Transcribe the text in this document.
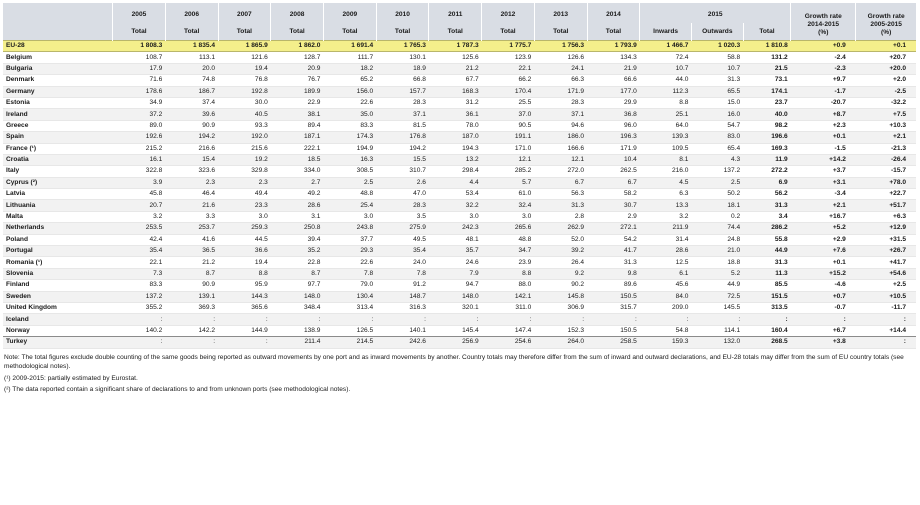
	2005	2006	2007	2008	2009	2010	2011	2012	2013	2014	2015			Growth rate
2014-2015
(%)	Growth rate
2005-2015
(%)
	Total	Total	Total	Total	Total	Total	Total	Total	Total	Total	Inwards	Outwards	Total		
EU-28	1 808.3	1 835.4	1 865.9	1 862.0	1 691.4	1 765.3	1 787.3	1 775.7	1 756.3	1 793.9	1 466.7	1 020.3	1 810.8	+0.9	+0.1
Belgium	108.7	113.1	121.6	128.7	111.7	130.1	125.6	123.9	126.6	134.3	72.4	58.8	131.2	-2.4	+20.7
Bulgaria	17.9	20.0	19.4	20.9	18.2	18.9	21.2	22.1	24.1	21.9	10.7	10.7	21.5	-2.3	+20.0
Denmark	71.6	74.8	76.8	76.7	65.2	66.8	67.7	66.2	66.3	66.6	44.0	31.3	73.1	+9.7	+2.0
Germany	178.6	186.7	192.8	189.9	156.0	157.7	168.3	170.4	171.9	177.0	112.3	65.5	174.1	-1.7	-2.5
Estonia	34.9	37.4	30.0	22.9	22.6	28.3	31.2	25.5	28.3	29.9	8.8	15.0	23.7	-20.7	-32.2
Ireland	37.2	39.6	40.5	38.1	35.0	37.1	36.1	37.0	37.1	36.8	25.1	16.0	40.0	+8.7	+7.5
Greece	89.0	90.9	93.3	89.4	83.3	81.5	78.0	90.5	94.6	96.0	64.0	54.7	98.2	+2.3	+10.3
Spain	192.6	194.2	192.0	187.1	174.3	176.8	187.0	191.1	186.0	196.3	139.3	83.0	196.6	+0.1	+2.1
France (¹)	215.2	216.6	215.6	222.1	194.9	194.2	194.3	171.0	166.6	171.9	109.5	65.4	169.3	-1.5	-21.3
Croatia	16.1	15.4	19.2	18.5	16.3	15.5	13.2	12.1	12.1	10.4	8.1	4.3	11.9	+14.2	-26.4
Italy	322.8	323.6	329.8	334.0	308.5	310.7	298.4	285.2	272.0	262.5	216.0	137.2	272.2	+3.7	-15.7
Cyprus (²)	3.9	2.3	2.3	2.7	2.5	2.6	4.4	5.7	6.7	6.7	4.5	2.5	6.9	+3.1	+78.0
Latvia	45.8	46.4	49.4	49.2	48.8	47.0	53.4	61.0	56.3	58.2	6.3	50.2	56.2	-3.4	+22.7
Lithuania	20.7	21.6	23.3	28.6	25.4	28.3	32.2	32.4	31.3	30.7	13.3	18.1	31.3	+2.1	+51.7
Malta	3.2	3.3	3.0	3.1	3.0	3.5	3.0	3.0	2.8	2.9	3.2	0.2	3.4	+16.7	+6.3
Netherlands	253.5	253.7	259.3	250.8	243.8	275.9	242.3	265.6	262.9	272.1	211.9	74.4	286.2	+5.2	+12.9
Poland	42.4	41.6	44.5	39.4	37.7	49.5	48.1	48.8	52.0	54.2	31.4	24.8	55.8	+2.9	+31.5
Portugal	35.4	36.5	36.6	35.2	29.3	35.4	35.7	34.7	39.2	41.7	28.6	21.0	44.9	+7.6	+26.7
Romania (¹)	22.1	21.2	19.4	22.8	22.6	24.0	24.6	23.9	26.4	31.3	12.5	18.8	31.3	+0.1	+41.7
Slovenia	7.3	8.7	8.8	8.7	7.8	7.8	7.9	8.8	9.2	9.8	6.1	5.2	11.3	+15.2	+54.6
Finland	83.3	90.9	95.9	97.7	79.0	91.2	94.7	88.0	90.2	89.6	45.6	44.9	85.5	-4.6	+2.5
Sweden	137.2	139.1	144.3	148.0	130.4	148.7	148.0	142.1	145.8	150.5	84.0	72.5	151.5	+0.7	+10.5
United Kingdom	355.2	369.3	365.6	348.4	313.4	316.3	320.1	311.0	306.9	315.7	209.0	145.5	313.5	-0.7	-11.7
Iceland	:	:	:	:	:	:	:	:	:	:	:	:	:	:	:
Norway	140.2	142.2	144.9	138.9	126.5	140.1	145.4	147.4	152.3	150.5	54.8	114.1	160.4	+6.7	+14.4
Turkey	:	:	:	211.4	214.5	242.6	256.9	254.6	264.0	258.5	159.3	132.0	268.5	+3.8	:

Note: The total figures exclude double counting of the same goods being reported as outward movements by one port and as inward movements by another. Country totals may therefore differ from the sum of inward and outward declarations, and EU-28 totals may differ from the sum of EU country totals (see methodological notes).

(¹) 2009-2015: partially estimated by Eurostat.

(²) The data reported contain a significant share of declarations to and from unknown ports (see methodological notes).
